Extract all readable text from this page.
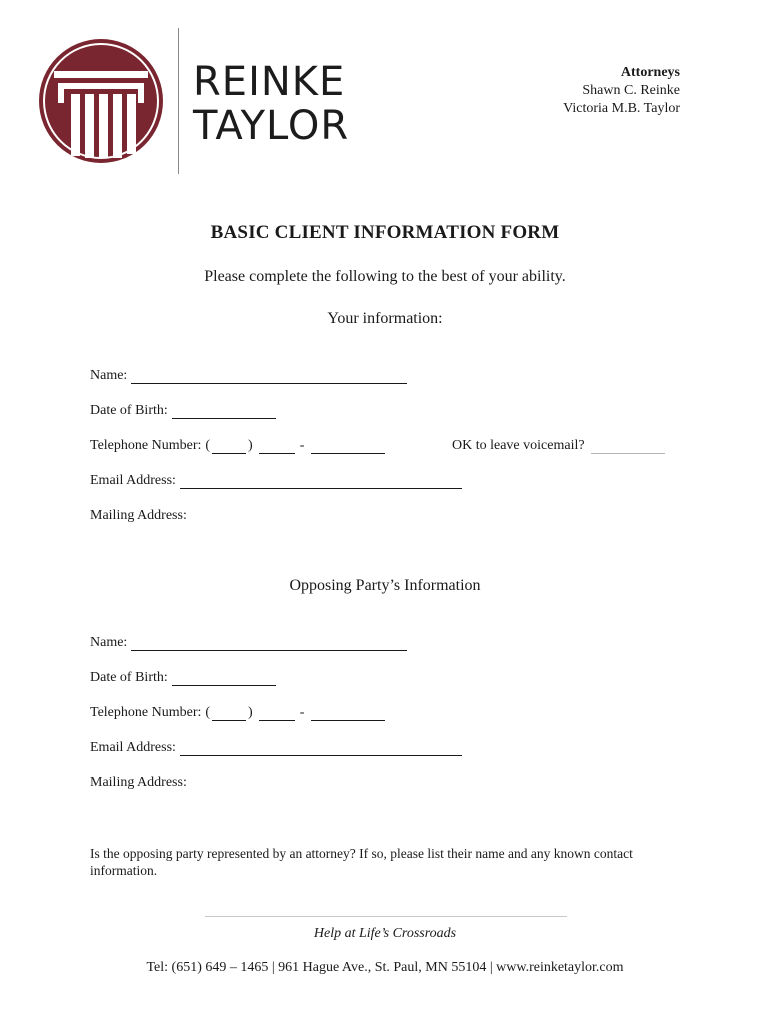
REINKE
TAYLOR
Attorneys
Shawn C. Reinke
Victoria M.B. Taylor
BASIC CLIENT INFORMATION FORM
Please complete the following to the best of your ability.
Your information:
Name:
Date of Birth:
Telephone Number: (	)	-	OK to leave voicemail?
Email Address:
Mailing Address:
Opposing Party’s Information
Name:
Date of Birth:
Telephone Number: (	)	-
Email Address:
Mailing Address:
Is the opposing party represented by an attorney? If so, please list their name and any known contact information.
Help at Life’s Crossroads
Tel: (651) 649 – 1465 | 961 Hague Ave., St. Paul, MN 55104 | www.reinketaylor.com
